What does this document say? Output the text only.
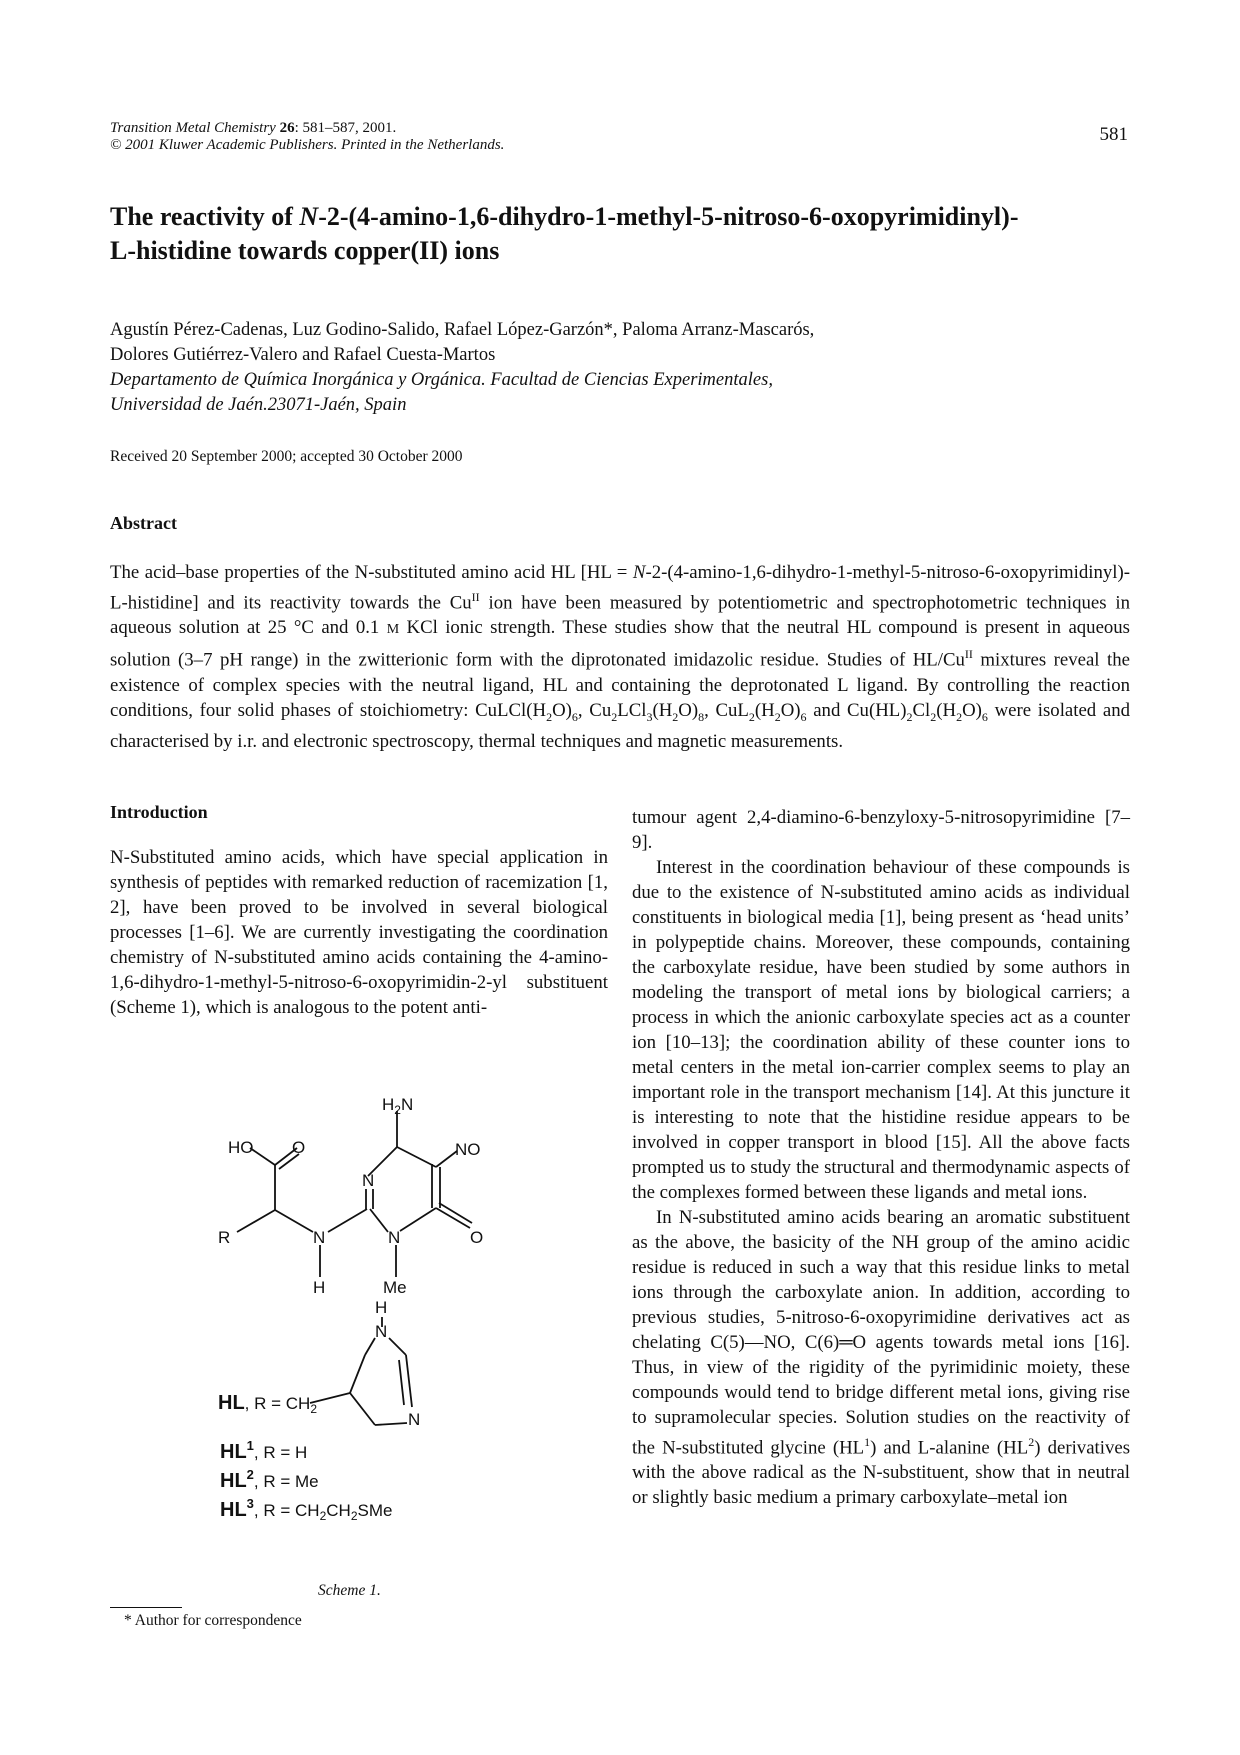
Transition Metal Chemistry 26: 581–587, 2001.
© 2001 Kluwer Academic Publishers. Printed in the Netherlands.	581
The reactivity of N-2-(4-amino-1,6-dihydro-1-methyl-5-nitroso-6-oxopyrimidinyl)-
L-histidine towards copper(II) ions
Agustín Pérez-Cadenas, Luz Godino-Salido, Rafael López-Garzón*, Paloma Arranz-Mascarós,
Dolores Gutiérrez-Valero and Rafael Cuesta-Martos
Departamento de Química Inorgánica y Orgánica. Facultad de Ciencias Experimentales,
Universidad de Jaén.23071-Jaén, Spain
Received 20 September 2000; accepted 30 October 2000
Abstract
The acid–base properties of the N-substituted amino acid HL [HL = N-2-(4-amino-1,6-dihydro-1-methyl-5-nitroso-6-oxopyrimidinyl)-L-histidine] and its reactivity towards the $Cu^{II}$ ion have been measured by potentiometric and spectrophotometric techniques in aqueous solution at 25 °C and 0.1 M KCl ionic strength. These studies show that the neutral HL compound is present in aqueous solution (3–7 pH range) in the zwitterionic form with the diprotonated imidazolic residue. Studies of $HL/Cu^{II}$ mixtures reveal the existence of complex species with the neutral ligand, HL and containing the deprotonated L ligand. By controlling the reaction conditions, four solid phases of stoichiometry: $CuLCl(H_2O)_6$, $Cu_2LCl_3(H_2O)_8$, $CuL_2(H_2O)_6$ and $Cu(HL)_2Cl_2(H_2O)_6$ were isolated and characterised by i.r. and electronic spectroscopy, thermal techniques and magnetic measurements.
Introduction

N-Substituted amino acids, which have special application in synthesis of peptides with remarked reduction of racemization [1, 2], have been proved to be involved in several biological processes [1–6]. We are currently investigating the coordination chemistry of N-substituted amino acids containing the 4-amino-1,6-dihydro-1-methyl-5-nitroso-6-oxopyrimidin-2-yl substituent (Scheme 1), which is analogous to the potent anti-

tumour agent 2,4-diamino-6-benzyloxy-5-nitrosopyrimidine [7–9].

Interest in the coordination behaviour of these compounds is due to the existence of N-substituted amino acids as individual constituents in biological media [1], being present as ‘head units’ in polypeptide chains. Moreover, these compounds, containing the carboxylate residue, have been studied by some authors in modeling the transport of metal ions by biological carriers; a process in which the anionic carboxylate species act as a counter ion [10–13]; the coordination ability of these counter ions to metal centers in the metal ion-carrier complex seems to play an important role in the transport mechanism [14]. At this juncture it is interesting to note that the histidine residue appears to be involved in copper transport in blood [15]. All the above facts prompted us to study the structural and thermodynamic aspects of the complexes formed between these ligands and metal ions.

In N-substituted amino acids bearing an aromatic substituent as the above, the basicity of the NH group of the amino acidic residue is reduced in such a way that this residue links to metal ions through the carboxylate anion. In addition, according to previous studies, 5-nitroso-6-oxopyrimidine derivatives act as chelating C(5)—NO, C(6)═O agents towards metal ions [16]. Thus, in view of the rigidity of the pyrimidinic moiety, these compounds would tend to bridge different metal ions, giving rise to supramolecular species. Solution studies on the reactivity of the N-substituted glycine $(HL^1)$ and L-alanine $(HL^2)$ derivatives with the above radical as the N-substituent, show that in neutral or slightly basic medium a primary carboxylate–metal ion

$H_2N$
HO O	NO
N
R	N
H
N	O
Me
H
N
N
HL, $R = CH_2$
$HL^1$, R = H
$HL^2$, R = Me
$HL^3$, $R = CH_2CH_2SMe$
Scheme 1.
* Author for correspondence
